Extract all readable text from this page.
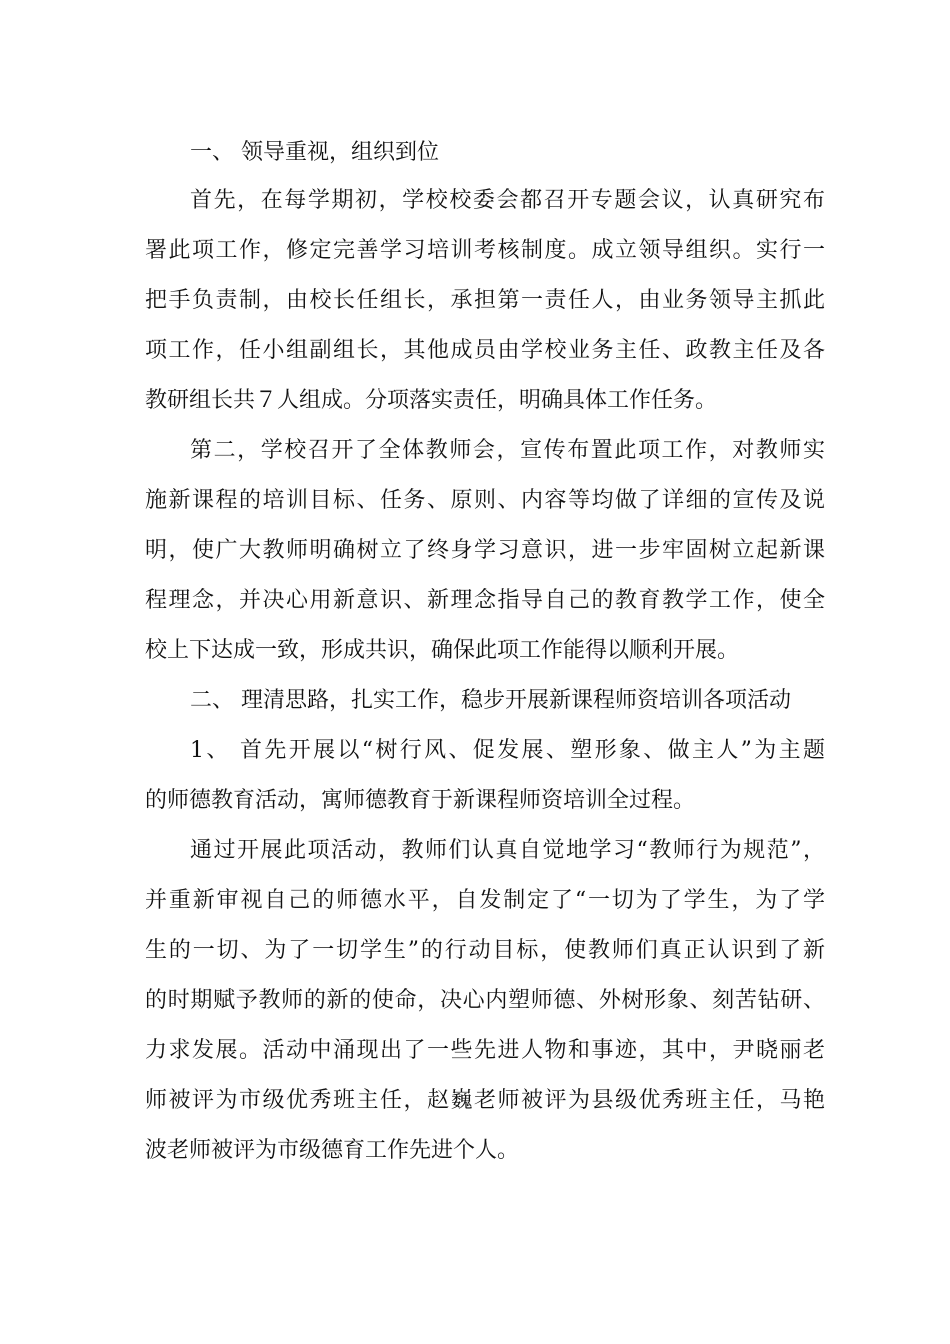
一、 领导重视，组织到位
首先，在每学期初，学校校委会都召开专题会议，认真研究布
署此项工作，修定完善学习培训考核制度。成立领导组织。实行一
把手负责制，由校长任组长，承担第一责任人，由业务领导主抓此
项工作，任小组副组长，其他成员由学校业务主任、政教主任及各
教研组长共７人组成。分项落实责任，明确具体工作任务。
第二，学校召开了全体教师会，宣传布置此项工作，对教师实
施新课程的培训目标、任务、原则、内容等均做了详细的宣传及说
明，使广大教师明确树立了终身学习意识，进一步牢固树立起新课
程理念，并决心用新意识、新理念指导自己的教育教学工作，使全
校上下达成一致，形成共识，确保此项工作能得以顺利开展。
二、 理清思路，扎实工作，稳步开展新课程师资培训各项活动
1、 首先开展以“树行风、促发展、塑形象、做主人”为主题
的师德教育活动，寓师德教育于新课程师资培训全过程。
通过开展此项活动，教师们认真自觉地学习“教师行为规范”，
并重新审视自己的师德水平，自发制定了“一切为了学生，为了学
生的一切、为了一切学生”的行动目标，使教师们真正认识到了新
的时期赋予教师的新的使命，决心内塑师德、外树形象、刻苦钻研、
力求发展。活动中涌现出了一些先进人物和事迹，其中，尹晓丽老
师被评为市级优秀班主任，赵巍老师被评为县级优秀班主任，马艳
波老师被评为市级德育工作先进个人。
